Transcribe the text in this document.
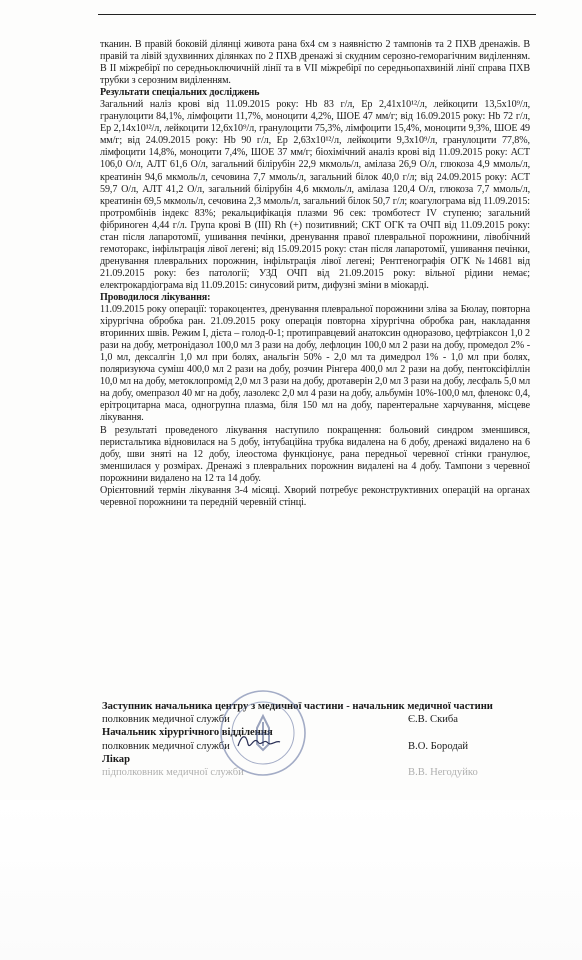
тканин. В правій боковій ділянці живота рана 6х4 см з наявністю 2 тампонів та 2 ПХВ дренажів. В правій та лівій здухвинних ділянках по 2 ПХВ дренажі зі скудним серозно-геморагічним виділенням. В ІІ міжребірї по середньоключичній лінії та в VII міжребірї по середньопахвиній лінії справа ПХВ трубки з серозним виділенням.

Результати спеціальних досліджень

Загальний наліз крові від 11.09.2015 року: Hb 83 г/л, Ер 2,41x10¹²/л, лейкоцити 13,5x10⁹/л, гранулоцити 84,1%, лімфоцити 11,7%, моноцити 4,2%, ШОЕ 47 мм/г; від 16.09.2015 року: Hb 72 г/л, Ер 2,14x10¹²/л, лейкоцити 12,6x10⁹/л, гранулоцити 75,3%, лімфоцити 15,4%, моноцити 9,3%, ШОЕ 49 мм/г; від 24.09.2015 року: Hb 90 г/л, Ер 2,63x10¹²/л, лейкоцити 9,3x10⁹/л, гранулоцити 77,8%, лімфоцити 14,8%, моноцити 7,4%, ШОЕ 37 мм/г; біохімічний аналіз крові від 11.09.2015 року: АСТ 106,0 О/л, АЛТ 61,6 О/л, загальний білірубін 22,9 мкмоль/л, амілаза 26,9 О/л, глюкоза 4,9 ммоль/л, креатинін 94,6 мкмоль/л, сечовина 7,7 ммоль/л, загальний білок 40,0 г/л; від 24.09.2015 року: АСТ 59,7 О/л, АЛТ 41,2 О/л, загальний білірубін 4,6 мкмоль/л, амілаза 120,4 О/л, глюкоза 7,7 ммоль/л, креатинін 69,5 мкмоль/л, сечовина 2,3 ммоль/л, загальний білок 50,7 г/л; коагулограма від 11.09.2015: протромбінів індекс 83%; рекальцифікація плазми 96 сек: тромботест IV ступеню; загальний фібриноген 4,44 г/л. Група крові В (ІІІ) Rh (+) позитивний; СКТ ОГК та ОЧП від 11.09.2015 року: стан після лапаротомії, ушивання печінки, дренування правої плевральної порожнини, лівобічний гемоторакс, інфільтрація лівої легені; від 15.09.2015 року: стан після лапаротомії, ушивання печінки, дренування плевральних порожнин, інфільтрація лівої легені; Рентгенографія ОГК №14681 від 21.09.2015 року: без патології; УЗД ОЧП від 21.09.2015 року: вільної рідини немає; електрокардіограма від 11.09.2015: синусовий ритм, дифузні зміни в міокарді.

Проводилося лікування:

11.09.2015 року операції: торакоцентез, дренування плевральної порожнини зліва за Бюлау, повторна хірургічна обробка ран. 21.09.2015 року операція повторна хірургічна обробка ран, накладання вторинних швів. Режим І, дієта – голод-0-1; протиправцевий анатоксин одноразово, цефтріаксон 1,0 2 рази на добу, метронідазол 100,0 мл 3 рази на добу, лефлоцин 100,0 мл 2 рази на добу, промедол 2% - 1,0 мл, дексалгін 1,0 мл при болях, анальгін 50% - 2,0 мл та димедрол 1% - 1,0 мл при болях, поляризуюча суміш 400,0 мл 2 рази на добу, розчин Рінгера 400,0 мл 2 рази на добу, пентоксіфіллін 10,0 мл на добу, метоклопромід 2,0 мл 3 рази на добу, дротаверін 2,0 мл 3 рази на добу, лесфаль 5,0 мл на добу, омепразол 40 мг на добу, лазолекс 2,0 мл 4 рази на добу, альбумін 10%-100,0 мл, фленокс 0,4, ерітроцитарна маса, одногрупна плазма, біля 150 мл на добу, парентеральне харчування, місцеве лікування.

В результаті проведеного лікування наступило покращення: больовий синдром зменшився, перистальтика відновилася на 5 добу, інтубаційна трубка видалена на 6 добу, дренажі видалено на 6 добу, шви зняті на 12 добу, ілеостома функціонує, рана передньої черевної стінки гранулює, зменшилася у розмірах. Дренажі з плевральних порожнин видалені на 4 добу. Тампони з черевної порожнини видалено на 12 та 14 добу.

Орієнтовний термін лікування 3-4 місяці. Хворий потребує реконструктивних операцій на органах черевної порожнини та передній черевній стінці.

Заступник начальника центру з медичної частини - начальник медичної частини
полковник медичної служби	Є.В. Скиба
Начальник хірургічного відділення
полковник медичної служби	В.О. Бородай
Лікар
підполковник медичної служби	В.В. Негодуйко
